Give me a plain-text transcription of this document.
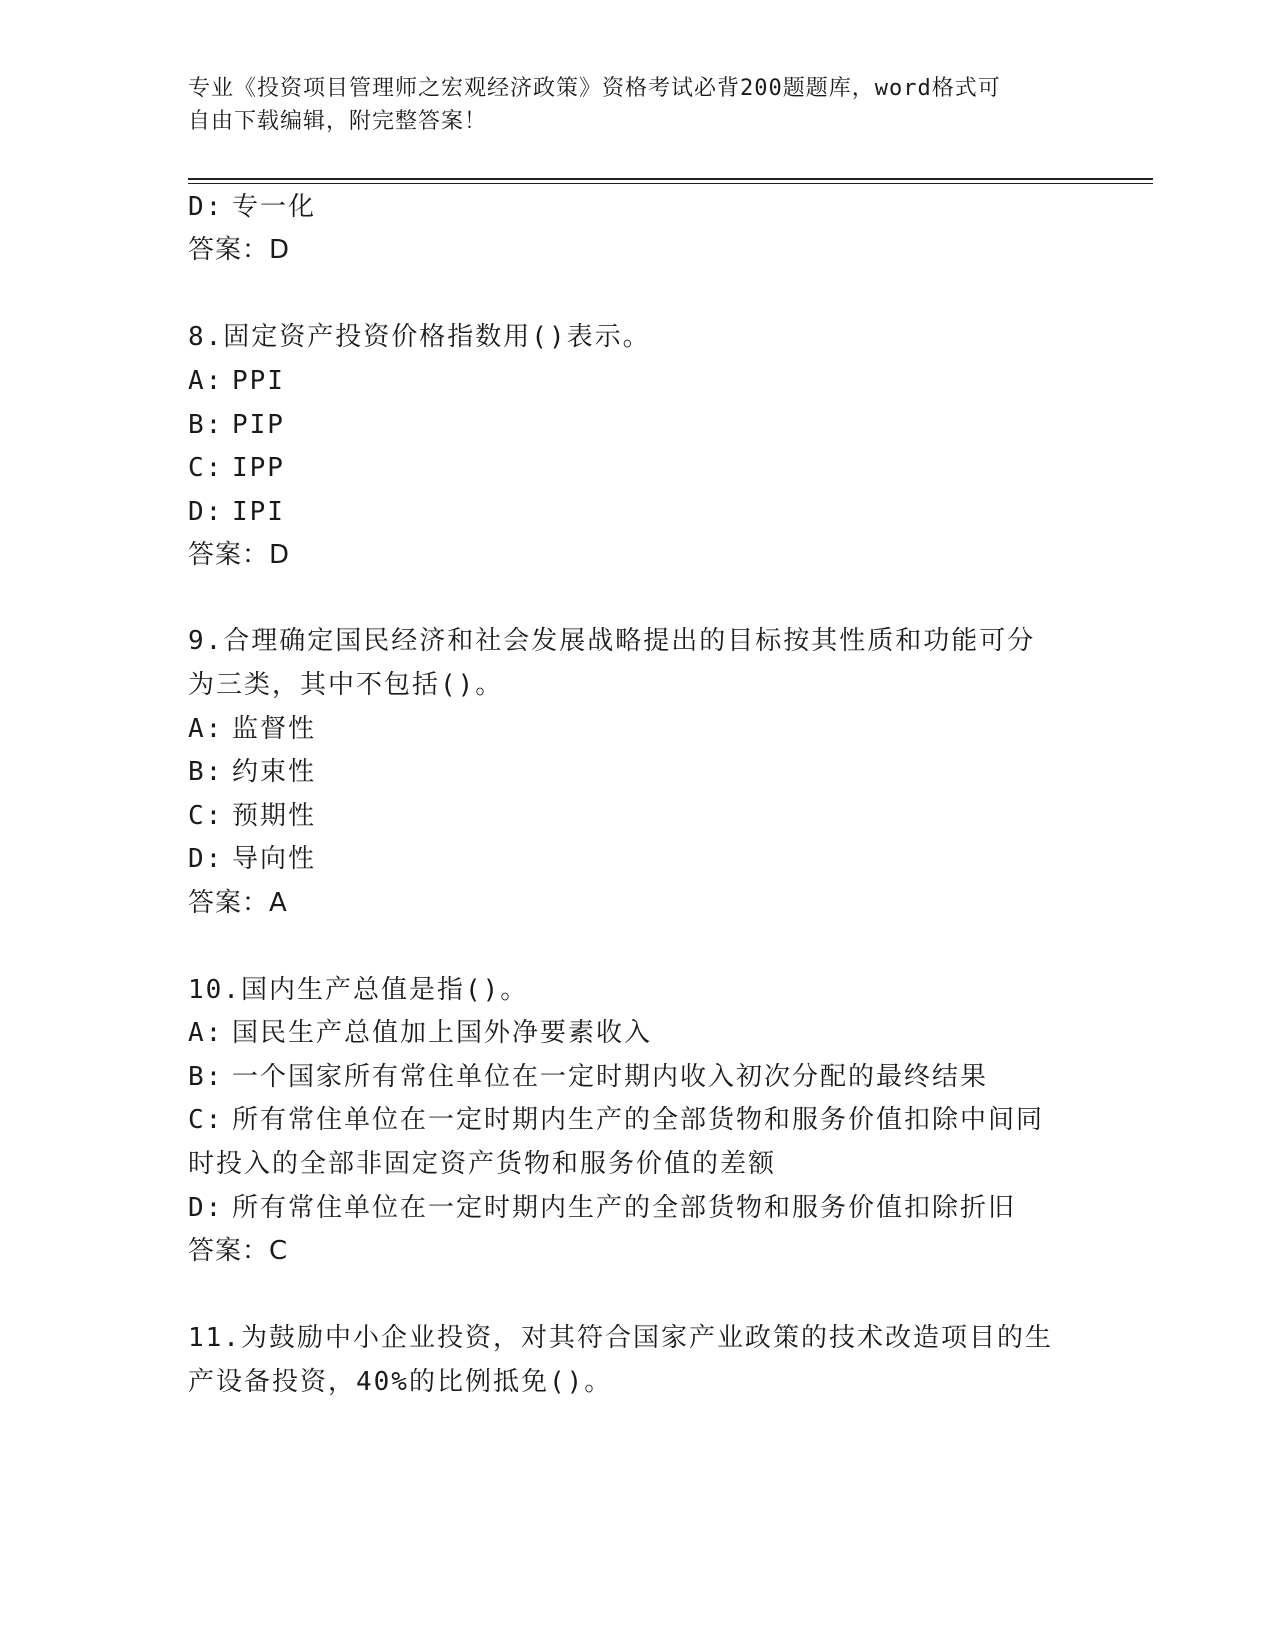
专业《投资项目管理师之宏观经济政策》资格考试必背200题题库，word格式可
自由下载编辑，附完整答案！
D: 专一化
答案：D
8.固定资产投资价格指数用()表示。
A: PPI
B: PIP
C: IPP
D: IPI
答案：D
9.合理确定国民经济和社会发展战略提出的目标按其性质和功能可分
为三类，其中不包括()。
A: 监督性
B: 约束性
C: 预期性
D: 导向性
答案：A
10.国内生产总值是指()。
A: 国民生产总值加上国外净要素收入
B: 一个国家所有常住单位在一定时期内收入初次分配的最终结果
C: 所有常住单位在一定时期内生产的全部货物和服务价值扣除中间同
时投入的全部非固定资产货物和服务价值的差额
D: 所有常住单位在一定时期内生产的全部货物和服务价值扣除折旧
答案：C
11.为鼓励中小企业投资，对其符合国家产业政策的技术改造项目的生
产设备投资，40%的比例抵免()。
